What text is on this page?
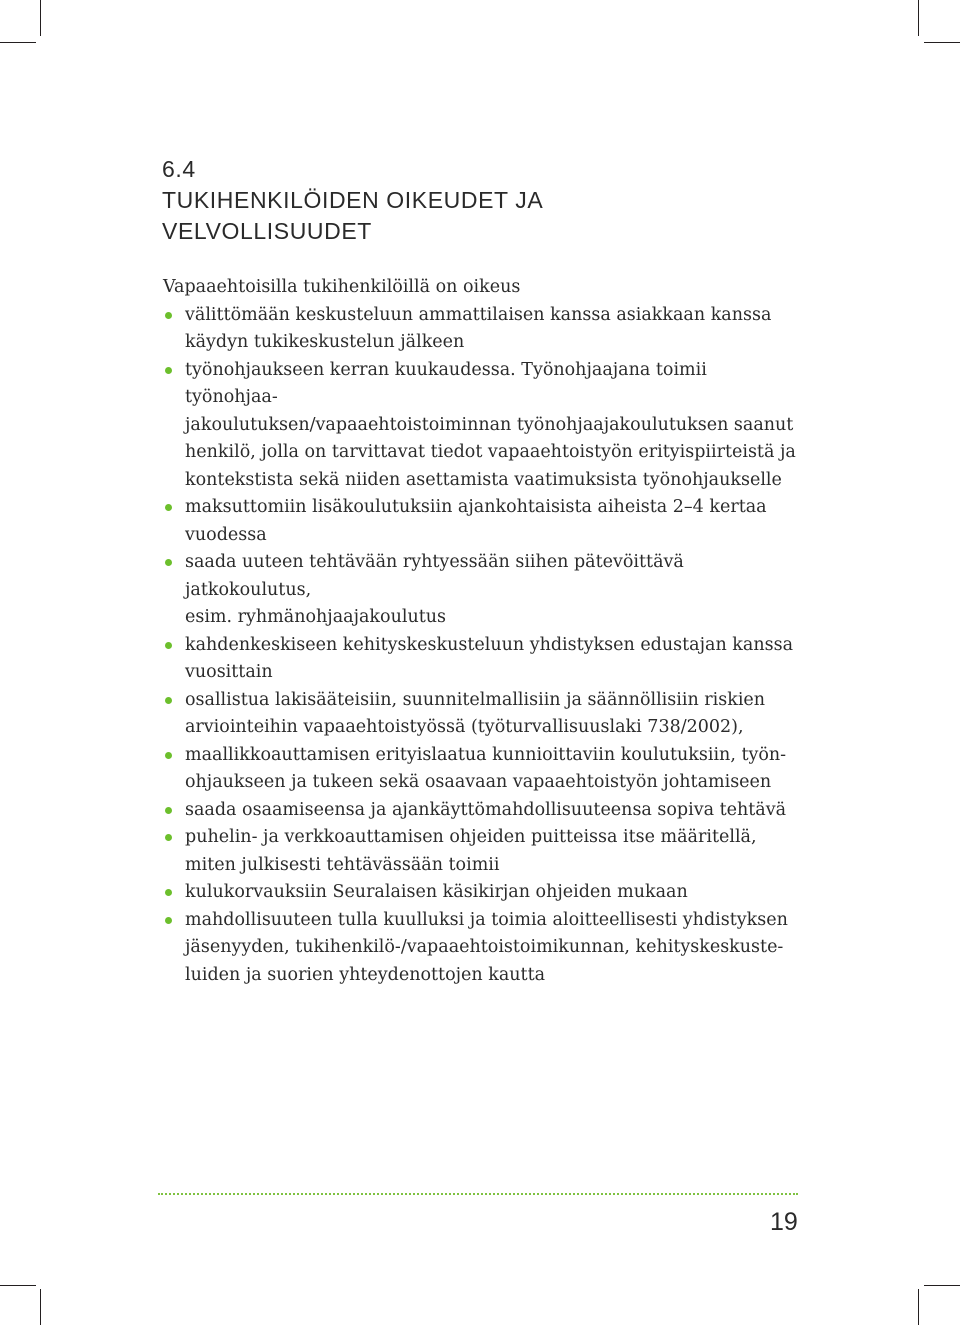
6.4
TUKIHENKILÖIDEN OIKEUDET JA
VELVOLLISUUDET

Vapaaehtoisilla tukihenkilöillä on oikeus

välittömään keskusteluun ammattilaisen kanssa asiakkaan kanssa
käydyn tukikeskustelun jälkeen
työnohjaukseen kerran kuukaudessa. Työnohjaajana toimii työnohjaa-
jakoulutuksen/vapaaehtoistoiminnan työnohjaajakoulutuksen saanut
henkilö, jolla on tarvittavat tiedot vapaaehtoistyön erityispiirteistä ja
kontekstista sekä niiden asettamista vaatimuksista työnohjaukselle
maksuttomiin lisäkoulutuksiin ajankohtaisista aiheista 2–4 kertaa
vuodessa
saada uuteen tehtävään ryhtyessään siihen pätevöittävä jatkokoulutus,
esim. ryhmänohjaajakoulutus
kahdenkeskiseen kehityskeskusteluun yhdistyksen edustajan kanssa
vuosittain
osallistua lakisääteisiin, suunnitelmallisiin ja säännöllisiin riskien
arviointeihin vapaaehtoistyössä (työturvallisuuslaki 738/2002),
maallikkoauttamisen erityislaatua kunnioittaviin koulutuksiin, työn-
ohjaukseen ja tukeen sekä osaavaan vapaaehtoistyön johtamiseen
saada osaamiseensa ja ajankäyttömahdollisuuteensa sopiva tehtävä
puhelin- ja verkkoauttamisen ohjeiden puitteissa itse määritellä,
miten julkisesti tehtävässään toimii
kulukorvauksiin Seuralaisen käsikirjan ohjeiden mukaan
mahdollisuuteen tulla kuulluksi ja toimia aloitteellisesti yhdistyksen
jäsenyyden, tukihenkilö-/vapaaehtoistoimikunnan, kehityskeskuste-
luiden ja suorien yhteydenottojen kautta
19
